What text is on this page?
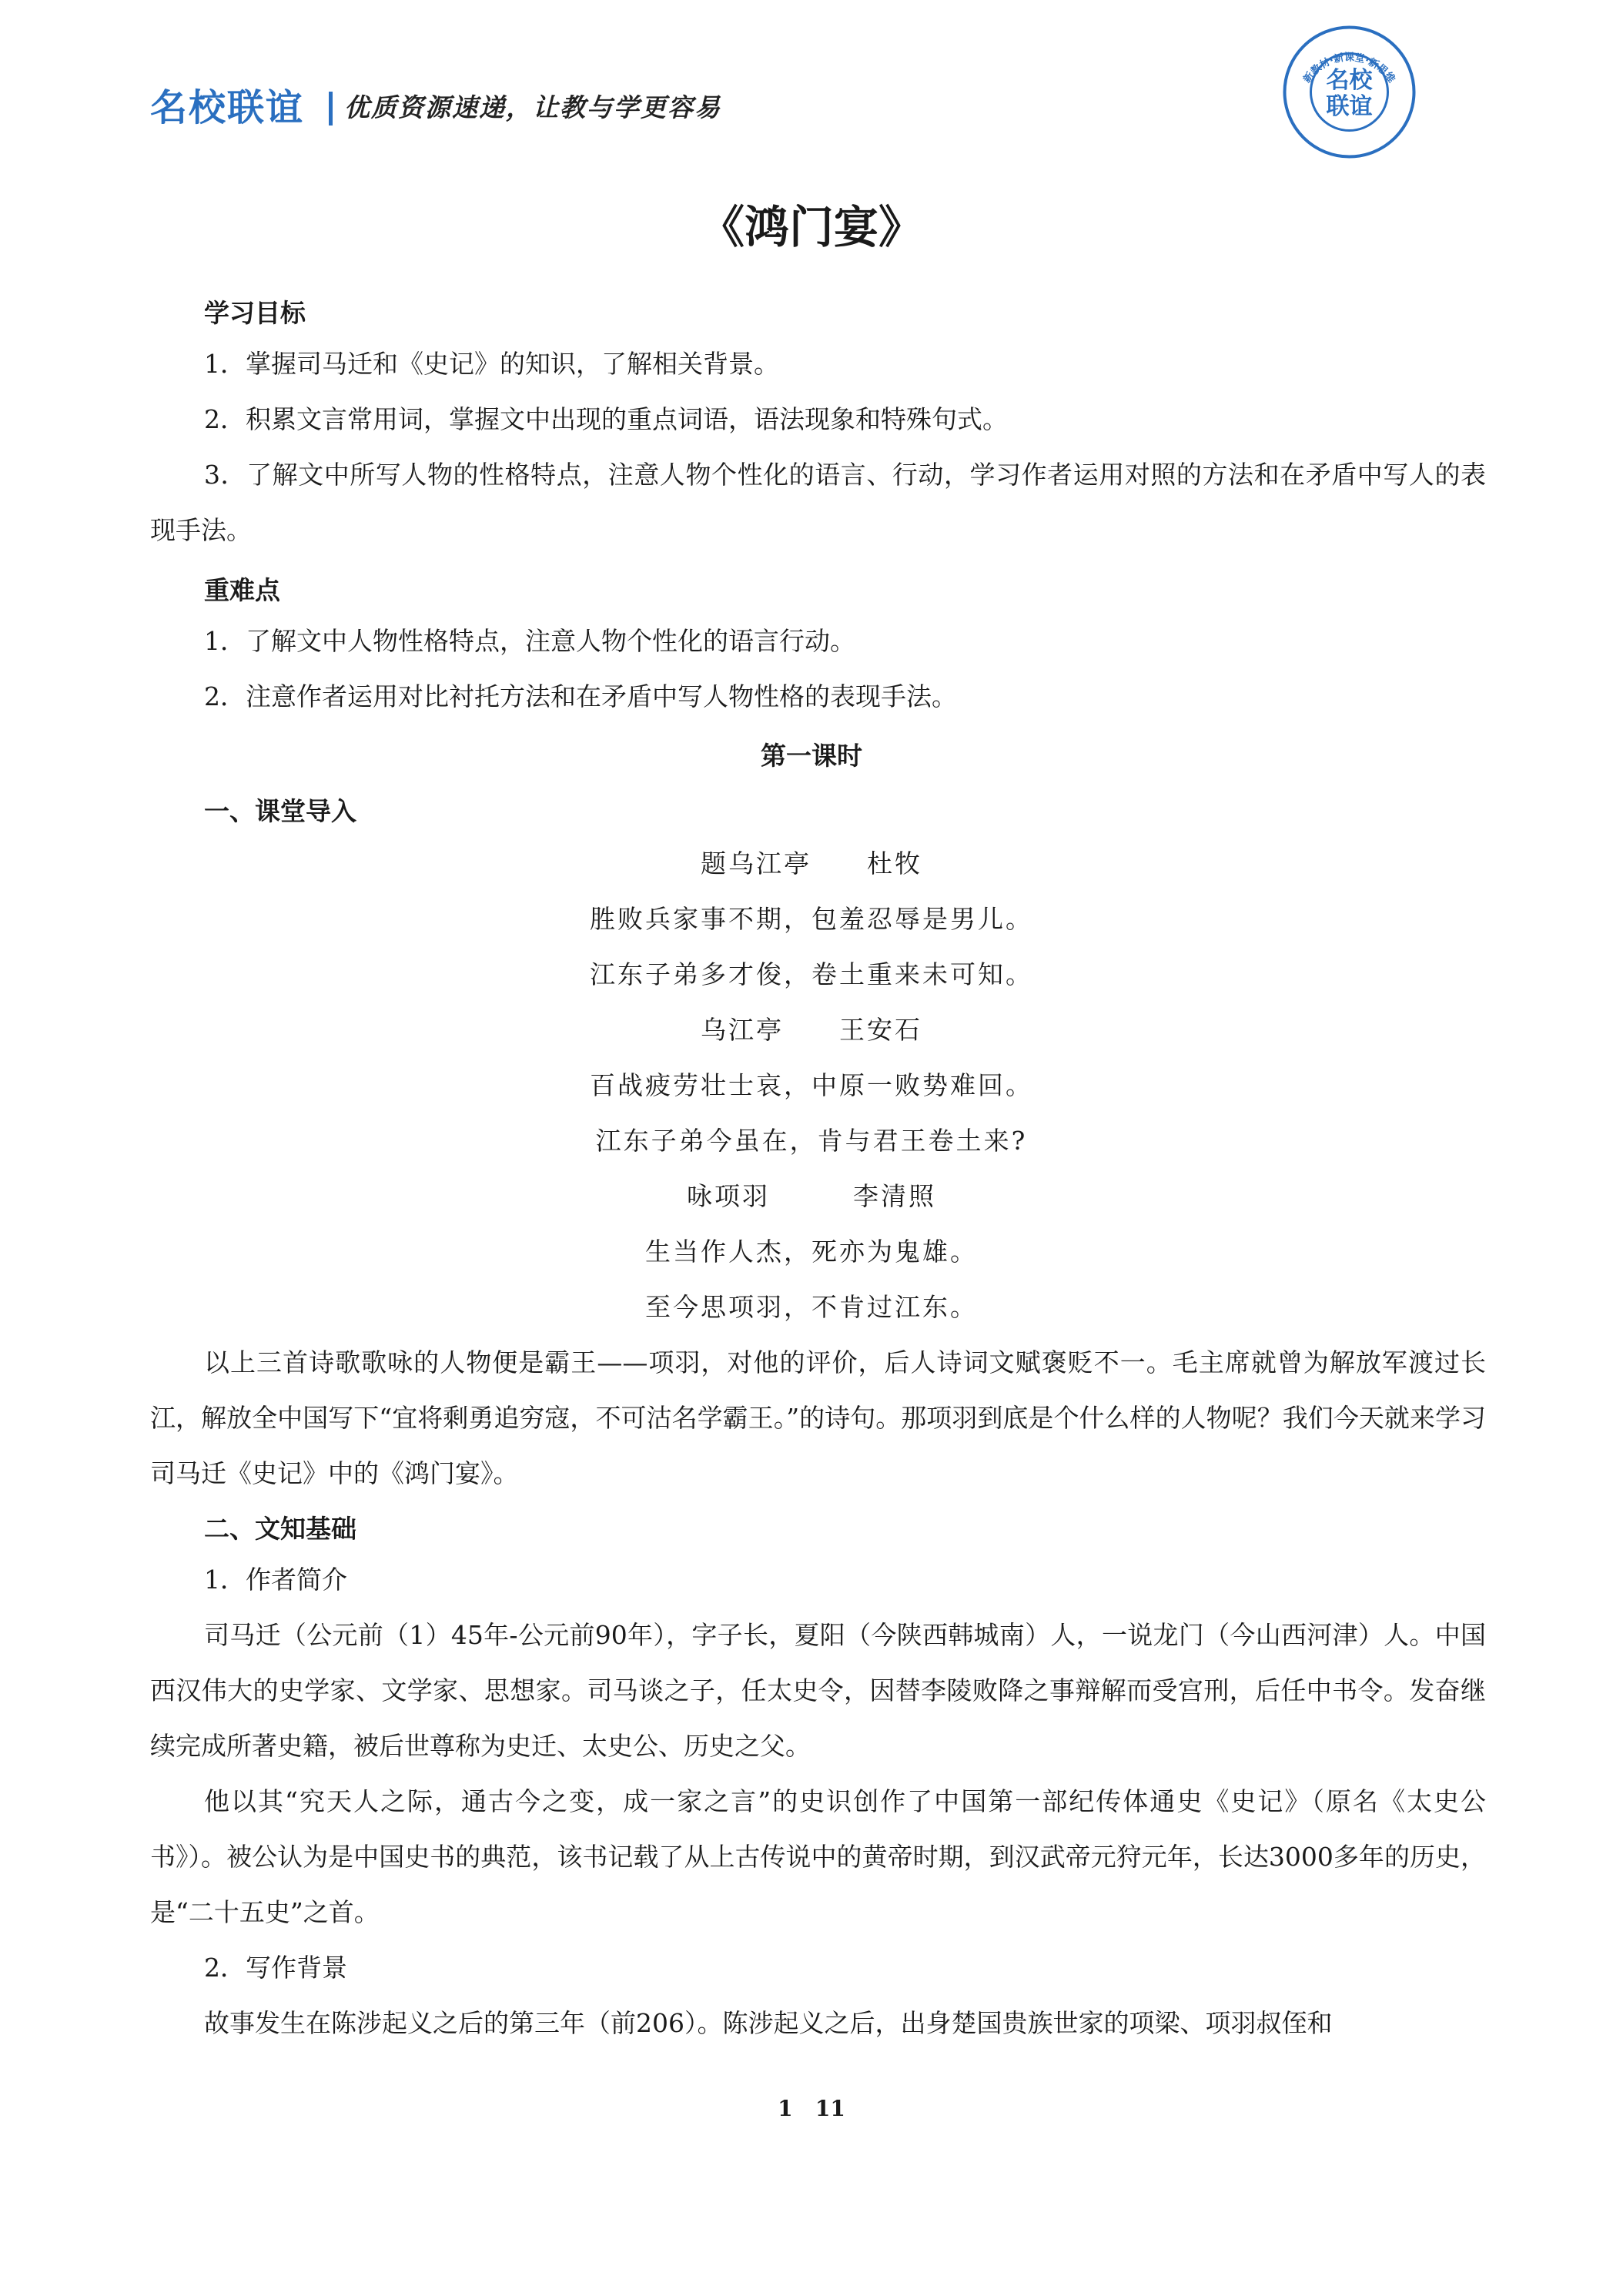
名校联谊 优质资源速递，让教与学更容易
新教材·新课堂·新思维
名校
联谊
《鸿门宴》

学习目标

1．掌握司马迁和《史记》的知识，了解相关背景。
2．积累文言常用词，掌握文中出现的重点词语，语法现象和特殊句式。
3．了解文中所写人物的性格特点，注意人物个性化的语言、行动，学习作者运用对照的方法和在矛盾中写人的表现手法。

重难点

1．了解文中人物性格特点，注意人物个性化的语言行动。
2．注意作者运用对比衬托方法和在矛盾中写人物性格的表现手法。
第一课时

一、课堂导入

题乌江亭　　杜牧
胜败兵家事不期，包羞忍辱是男儿。
江东子弟多才俊，卷土重来未可知。
乌江亭　　王安石
百战疲劳壮士哀，中原一败势难回。
江东子弟今虽在，肯与君王卷土来?
咏项羽　　　李清照
生当作人杰，死亦为鬼雄。
至今思项羽，不肯过江东。
以上三首诗歌歌咏的人物便是霸王——项羽，对他的评价，后人诗词文赋褒贬不一。毛主席就曾为解放军渡过长江，解放全中国写下“宜将剩勇追穷寇，不可沽名学霸王。”的诗句。那项羽到底是个什么样的人物呢？我们今天就来学习司马迁《史记》中的《鸿门宴》。

二、文知基础

1．作者简介
司马迁（公元前（1）45年-公元前90年），字子长，夏阳（今陕西韩城南）人，一说龙门（今山西河津）人。中国西汉伟大的史学家、文学家、思想家。司马谈之子，任太史令，因替李陵败降之事辩解而受宫刑，后任中书令。发奋继续完成所著史籍，被后世尊称为史迁、太史公、历史之父。
他以其“究天人之际，通古今之变，成一家之言”的史识创作了中国第一部纪传体通史《史记》（原名《太史公书》）。被公认为是中国史书的典范，该书记载了从上古传说中的黄帝时期，到汉武帝元狩元年，长达3000多年的历史，是“二十五史”之首。
2．写作背景
故事发生在陈涉起义之后的第三年（前206）。陈涉起义之后，出身楚国贵族世家的项梁、项羽叔侄和
1 11
